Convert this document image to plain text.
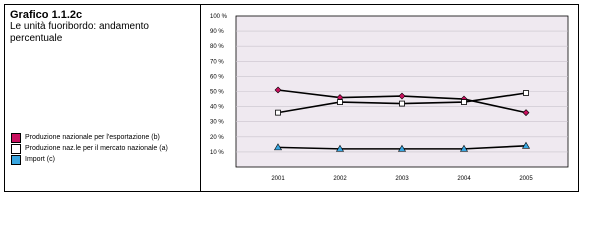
Grafico 1.1.2c
Le unità fuoribordo: andamento percentuale
Produzione nazionale per l'esportazione (b)
Produzione naz.le per il mercato nazionale (a)
Import (c)
10 %
20 %
30 %
40 %
50 %
60 %
70 %
80 %
90 %
100 %
2001	2002	2003	2004	2005
